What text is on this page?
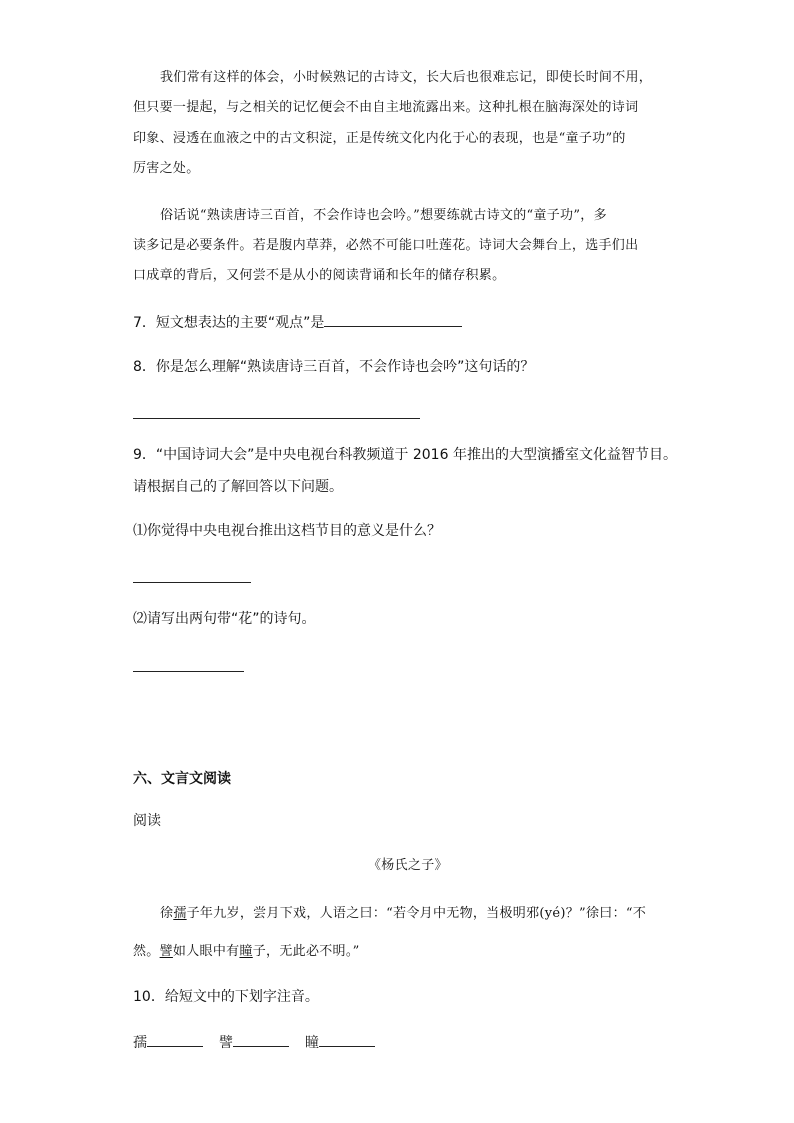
我们常有这样的体会，小时候熟记的古诗文，长大后也很难忘记，即使长时间不用，
但只要一提起，与之相关的记忆便会不由自主地流露出来。这种扎根在脑海深处的诗词
印象、浸透在血液之中的古文积淀，正是传统文化内化于心的表现，也是“童子功”的
厉害之处。
俗话说“熟读唐诗三百首，不会作诗也会吟。”想要练就古诗文的“童子功”，多
读多记是必要条件。若是腹内草莽，必然不可能口吐莲花。诗词大会舞台上，选手们出
口成章的背后，又何尝不是从小的阅读背诵和长年的储存积累。
7．短文想表达的主要“观点”是
8．你是怎么理解“熟读唐诗三百首，不会作诗也会吟”这句话的？
9．“中国诗词大会”是中央电视台科教频道于 2016 年推出的大型演播室文化益智节目。
请根据自己的了解回答以下问题。
⑴你觉得中央电视台推出这档节目的意义是什么？
⑵请写出两句带“花”的诗句。
六、文言文阅读
阅读
《杨氏之子》
徐孺子年九岁，尝月下戏，人语之曰：“若令月中无物，当极明邪(yé)？”徐曰：“不
然。譬如人眼中有瞳子，无此必不明。”
10．给短文中的下划字注音。
孺	譬	瞳
